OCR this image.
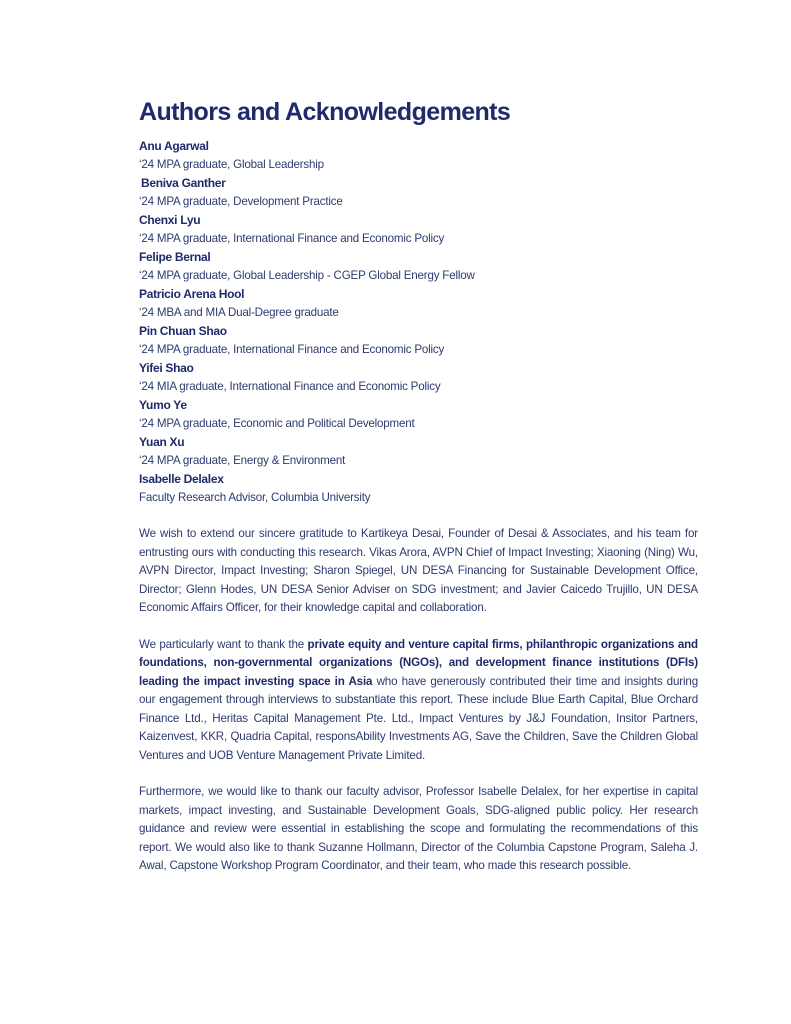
Authors and Acknowledgements
Anu Agarwal
‘24 MPA graduate, Global Leadership
Beniva Ganther
‘24 MPA graduate, Development Practice
Chenxi Lyu
‘24 MPA graduate, International Finance and Economic Policy
Felipe Bernal
‘24 MPA graduate, Global Leadership - CGEP Global Energy Fellow
Patricio Arena Hool
‘24 MBA and MIA Dual-Degree graduate
Pin Chuan Shao
‘24 MPA graduate, International Finance and Economic Policy
Yifei Shao
‘24 MIA graduate, International Finance and Economic Policy
Yumo Ye
‘24 MPA graduate, Economic and Political Development
Yuan Xu
‘24 MPA graduate, Energy & Environment
Isabelle Delalex
Faculty Research Advisor, Columbia University

We wish to extend our sincere gratitude to Kartikeya Desai, Founder of Desai & Associates, and his team for entrusting ours with conducting this research. Vikas Arora, AVPN Chief of Impact Investing; Xiaoning (Ning) Wu, AVPN Director, Impact Investing; Sharon Spiegel, UN DESA Financing for Sustainable Development Office, Director; Glenn Hodes, UN DESA Senior Adviser on SDG investment; and Javier Caicedo Trujillo, UN DESA Economic Affairs Officer, for their knowledge capital and collaboration.

We particularly want to thank the private equity and venture capital firms, philanthropic organizations and foundations, non-governmental organizations (NGOs), and development finance institutions (DFIs) leading the impact investing space in Asia who have generously contributed their time and insights during our engagement through interviews to substantiate this report. These include Blue Earth Capital, Blue Orchard Finance Ltd., Heritas Capital Management Pte. Ltd., Impact Ventures by J&J Foundation, Insitor Partners, Kaizenvest, KKR, Quadria Capital, responsAbility Investments AG, Save the Children, Save the Children Global Ventures and UOB Venture Management Private Limited.

Furthermore, we would like to thank our faculty advisor, Professor Isabelle Delalex, for her expertise in capital markets, impact investing, and Sustainable Development Goals, SDG-aligned public policy. Her research guidance and review were essential in establishing the scope and formulating the recommendations of this report. We would also like to thank Suzanne Hollmann, Director of the Columbia Capstone Program, Saleha J. Awal, Capstone Workshop Program Coordinator, and their team, who made this research possible.
